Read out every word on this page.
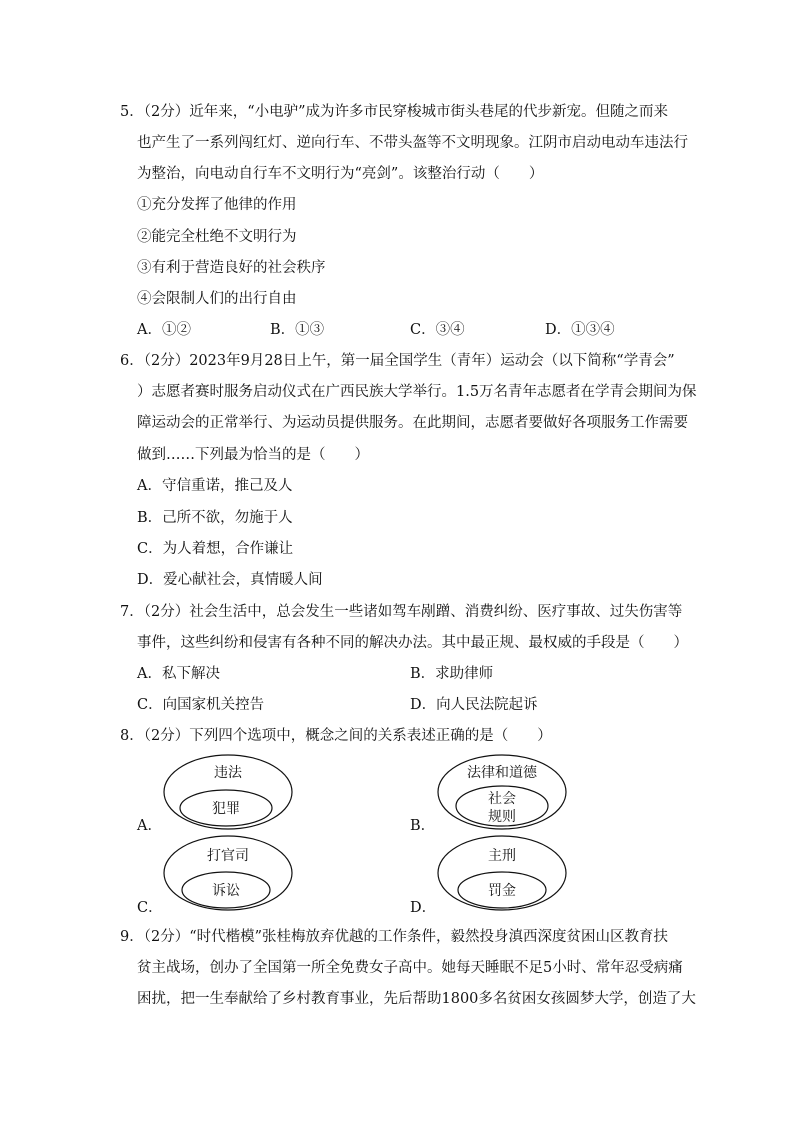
5．（2分）近年来，“小电驴”成为许多市民穿梭城市街头巷尾的代步新宠。但随之而来
也产生了一系列闯红灯、逆向行车、不带头盔等不文明现象。江阴市启动电动车违法行
为整治，向电动自行车不文明行为“亮剑”。该整治行动（　　）
①充分发挥了他律的作用
②能完全杜绝不文明行为
③有利于营造良好的社会秩序
④会限制人们的出行自由
A．①②	B．①③	C．③④	D．①③④
6．（2分）2023年9月28日上午，第一届全国学生（青年）运动会（以下简称“学青会”
）志愿者赛时服务启动仪式在广西民族大学举行。1.5万名青年志愿者在学青会期间为保
障运动会的正常举行、为运动员提供服务。在此期间，志愿者要做好各项服务工作需要
做到……下列最为恰当的是（　　）
A．守信重诺，推己及人
B．己所不欲，勿施于人
C．为人着想，合作谦让
D．爱心献社会，真情暖人间
7．（2分）社会生活中，总会发生一些诸如驾车剐蹭、消费纠纷、医疗事故、过失伤害等
事件，这些纠纷和侵害有各种不同的解决办法。其中最正规、最权威的手段是（　　）
A．私下解决	B．求助律师
C．向国家机关控告	D．向人民法院起诉
8．（2分）下列四个选项中，概念之间的关系表述正确的是（　　）
A．
违法
犯罪
B．
法律和道德
社会
规则
C．
打官司
诉讼
D．
主刑
罚金
9．（2分）“时代楷模”张桂梅放弃优越的工作条件，毅然投身滇西深度贫困山区教育扶
贫主战场，创办了全国第一所全免费女子高中。她每天睡眠不足5小时、常年忍受病痛
困扰，把一生奉献给了乡村教育事业，先后帮助1800多名贫困女孩圆梦大学，创造了大
